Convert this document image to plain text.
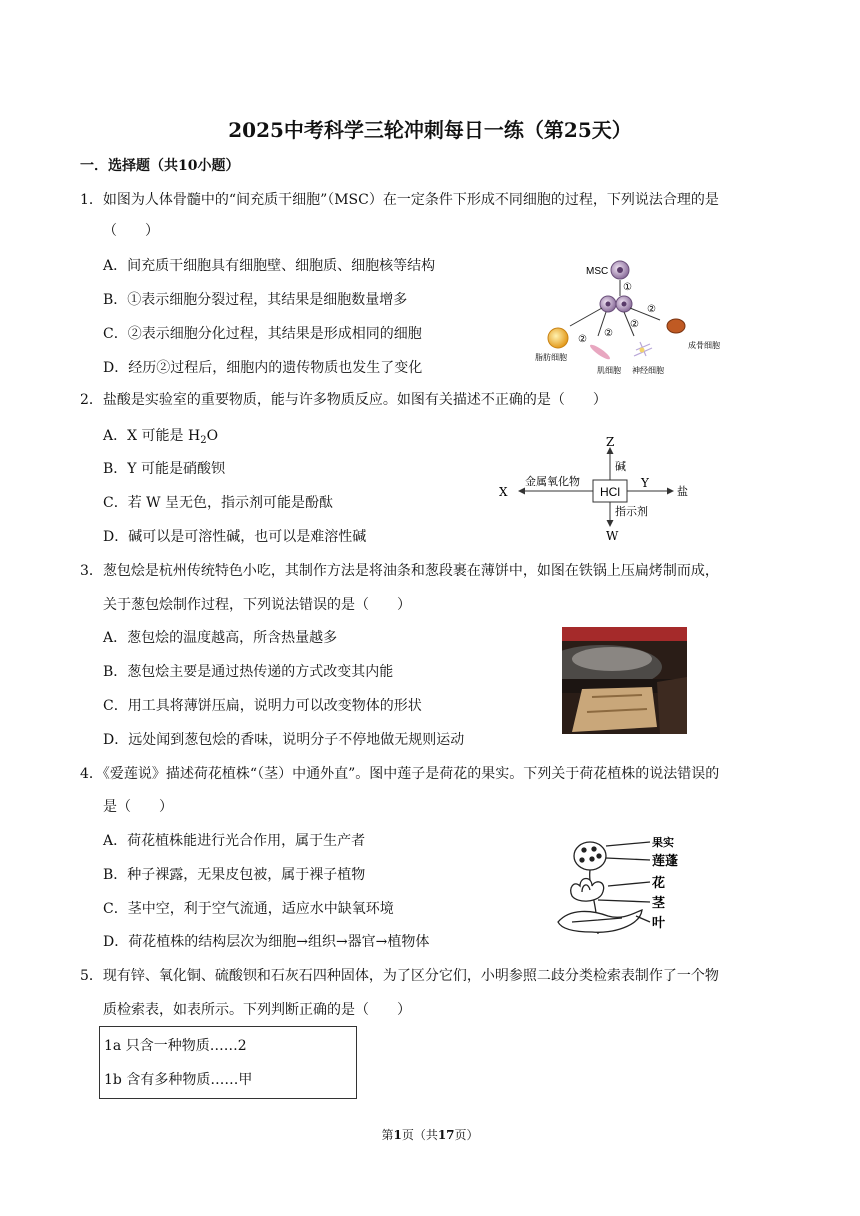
2025中考科学三轮冲刺每日一练（第25天）
一．选择题（共10小题）
1．如图为人体骨髓中的“间充质干细胞”（MSC）在一定条件下形成不同细胞的过程，下列说法合理的是
（　　）
A．间充质干细胞具有细胞壁、细胞质、细胞核等结构
B．①表示细胞分裂过程，其结果是细胞数量增多
C．②表示细胞分化过程，其结果是形成相同的细胞
D．经历②过程后，细胞内的遗传物质也发生了变化
MSC
①
②
②
②
②
脂肪细胞
肌细胞 神经细胞
成骨细胞
2．盐酸是实验室的重要物质，能与许多物质反应。如图有关描述不正确的是（　　）
A．X 可能是 $H_2O$
B．Y 可能是硝酸钡
C．若 W 呈无色，指示剂可能是酚酞
D．碱可以是可溶性碱，也可以是难溶性碱
HCl
Z
X
Y
W
碱
金属氧化物
盐
指示剂
3．葱包烩是杭州传统特色小吃，其制作方法是将油条和葱段裹在薄饼中，如图在铁锅上压扁烤制而成，
关于葱包烩制作过程，下列说法错误的是（　　）
A．葱包烩的温度越高，所含热量越多
B．葱包烩主要是通过热传递的方式改变其内能
C．用工具将薄饼压扁，说明力可以改变物体的形状
D．远处闻到葱包烩的香味，说明分子不停地做无规则运动
4．《爱莲说》描述荷花植株“（茎）中通外直”。图中莲子是荷花的果实。下列关于荷花植株的说法错误的
是（　　）
A．荷花植株能进行光合作用，属于生产者
B．种子裸露，无果皮包被，属于裸子植物
C．茎中空，利于空气流通，适应水中缺氧环境
D．荷花植株的结构层次为细胞→组织→器官→植物体
果实
莲蓬
花
茎
叶
5．现有锌、氧化铜、硫酸钡和石灰石四种固体，为了区分它们，小明参照二歧分类检索表制作了一个物
质检索表，如表所示。下列判断正确的是（　　）
1a 只含一种物质……2
1b 含有多种物质……甲
第1页（共17页）
